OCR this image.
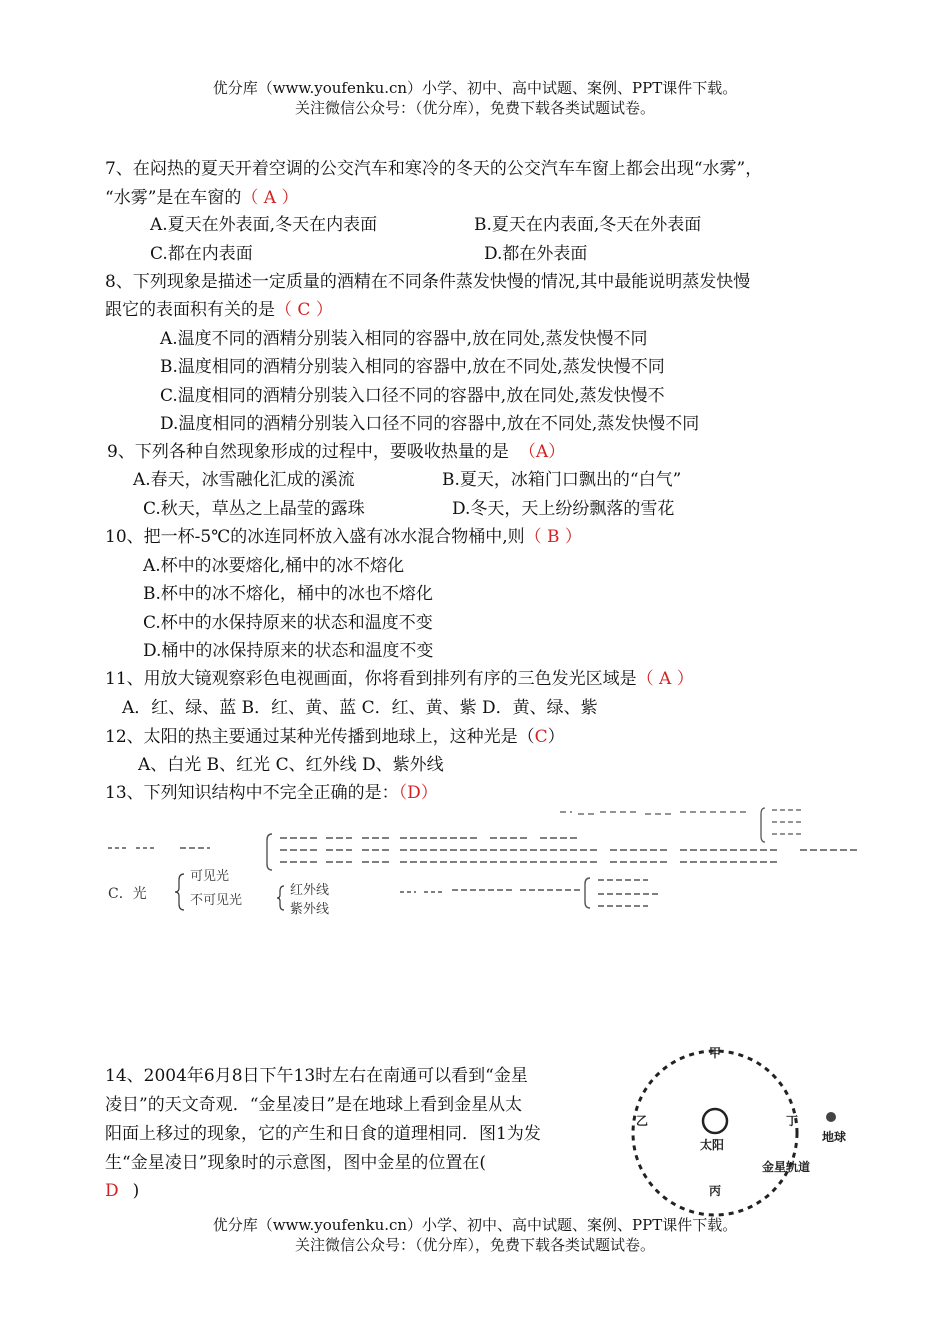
优分库（www.youfenku.cn）小学、初中、高中试题、案例、PPT课件下载。
关注微信公众号：（优分库），免费下载各类试题试卷。
7、在闷热的夏天开着空调的公交汽车和寒冷的冬天的公交汽车车窗上都会出现“水雾”，
“水雾”是在车窗的（ A ）
A.夏天在外表面,冬天在内表面	B.夏天在内表面,冬天在外表面
C.都在内表面	D.都在外表面
8、下列现象是描述一定质量的酒精在不同条件蒸发快慢的情况,其中最能说明蒸发快慢
跟它的表面积有关的是（ C ）
A.温度不同的酒精分别装入相同的容器中,放在同处,蒸发快慢不同
B.温度相同的酒精分别装入相同的容器中,放在不同处,蒸发快慢不同
C.温度相同的酒精分别装入口径不同的容器中,放在同处,蒸发快慢不
D.温度相同的酒精分别装入口径不同的容器中,放在不同处,蒸发快慢不同
9、下列各种自然现象形成的过程中，要吸收热量的是 （A）
A.春天，冰雪融化汇成的溪流	B.夏天，冰箱门口飘出的“白气”
C.秋天，草丛之上晶莹的露珠	D.冬天，天上纷纷飘落的雪花
10、把一杯-5℃的冰连同杯放入盛有冰水混合物桶中,则（ B ）
A.杯中的冰要熔化,桶中的冰不熔化
B.杯中的冰不熔化，桶中的冰也不熔化
C.杯中的水保持原来的状态和温度不变
D.桶中的冰保持原来的状态和温度不变
11、用放大镜观察彩色电视画面，你将看到排列有序的三色发光区域是（ A ）
A．红、绿、蓝 B．红、黄、蓝 C．红、黄、紫 D．黄、绿、紫
12、太阳的热主要通过某种光传播到地球上，这种光是（C）
A、白光 B、红光 C、红外线 D、紫外线
13、下列知识结构中不完全正确的是：（D）
C．光
可见光
不可见光
红外线
紫外线
14、2004年6月8日下午13时左右在南通可以看到“金星
凌日”的天文奇观．“金星凌日”是在地球上看到金星从太
阳面上移过的现象，它的产生和日食的道理相同．图1为发
生“金星凌日”现象时的示意图，图中金星的位置在(
D )
太阳
甲
乙
丙
丁
地球
金星轨道
优分库（www.youfenku.cn）小学、初中、高中试题、案例、PPT课件下载。
关注微信公众号：（优分库），免费下载各类试题试卷。
